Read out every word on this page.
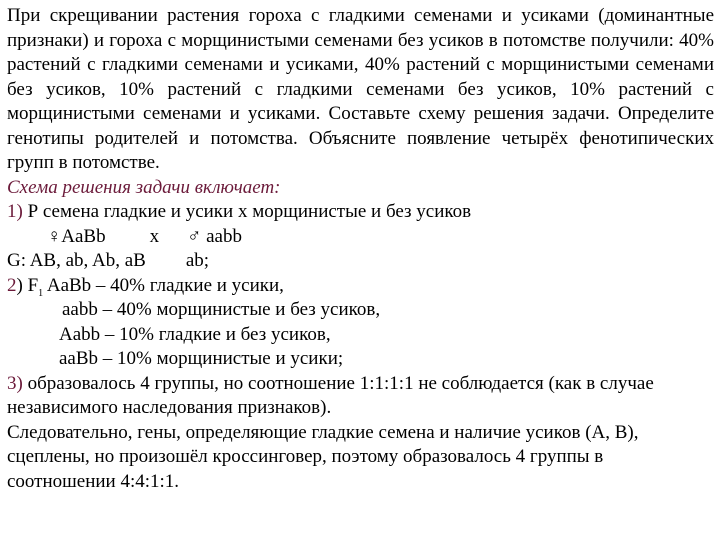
При скрещивании растения гороха с гладкими семенами и усиками (доминантные признаки) и гороха с морщинистыми семенами без усиков в потомстве получили: 40% растений с гладкими семенами и усиками, 40% растений с морщинистыми семенами без усиков, 10% растений с гладкими семенами без усиков, 10% растений с морщинистыми семенами и усиками. Составьте схему решения задачи. Определите генотипы родителей и потомства. Объясните появление четырёх фенотипических групп в потомстве.

Схема решения задачи включает:

1) Р семена гладкие и усики х морщинистые и без усиков

♀AaBb x ♂ aabb

G: AB, ab, Ab, aB ab;

2) $F_1$ AaBb – 40% гладкие и усики,

aabb – 40% морщинистые и без усиков,

Aabb – 10% гладкие и без усиков,

aaBb – 10% морщинистые и усики;

3) образовалось 4 группы, но соотношение 1:1:1:1 не соблюдается (как в случае независимого наследования признаков).

Следовательно, гены, определяющие гладкие семена и наличие усиков (А, В), сцеплены, но произошёл кроссинговер, поэтому образовалось 4 группы в соотношении 4:4:1:1.
